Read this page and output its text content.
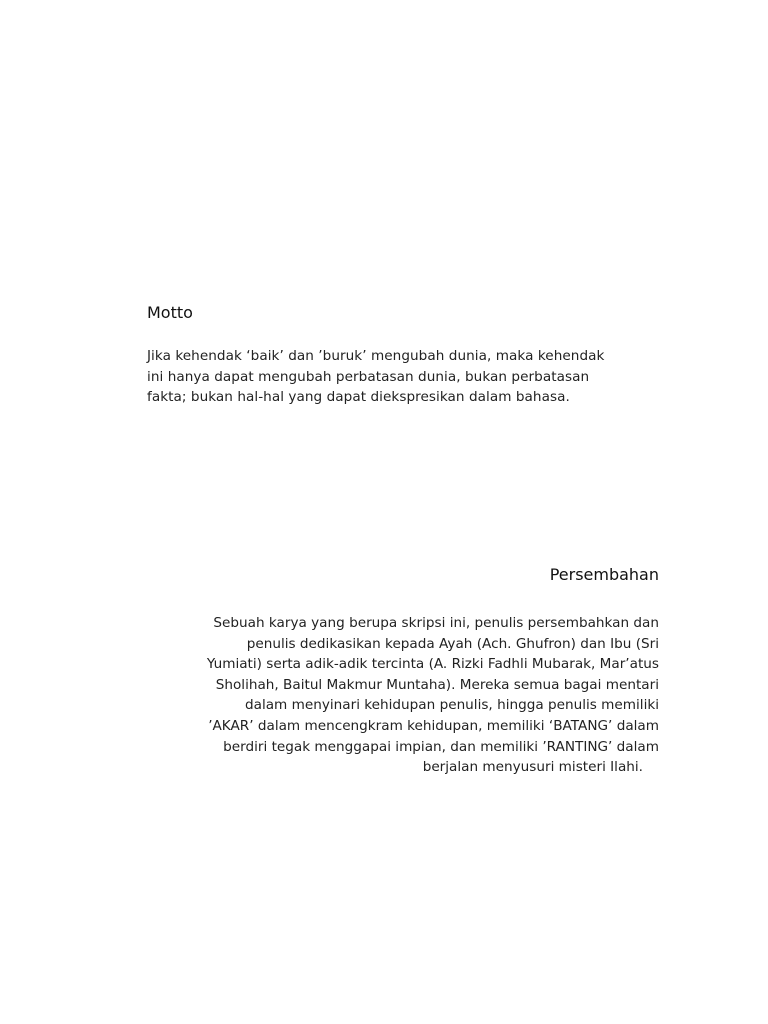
Motto

Jika kehendak ‘baik’ dan ’buruk’ mengubah dunia, maka kehendak
ini hanya dapat mengubah perbatasan dunia, bukan perbatasan
fakta; bukan hal-hal yang dapat diekspresikan dalam bahasa.

Persembahan

Sebuah karya yang berupa skripsi ini, penulis persembahkan dan
penulis dedikasikan kepada Ayah (Ach. Ghufron) dan Ibu (Sri
Yumiati) serta adik-adik tercinta (A. Rizki Fadhli Mubarak, Mar’atus
Sholihah, Baitul Makmur Muntaha). Mereka semua bagai mentari
dalam menyinari kehidupan penulis, hingga penulis memiliki
’AKAR’ dalam mencengkram kehidupan, memiliki ‘BATANG’ dalam
berdiri tegak menggapai impian, dan memiliki ’RANTING’ dalam
berjalan menyusuri misteri Ilahi.
